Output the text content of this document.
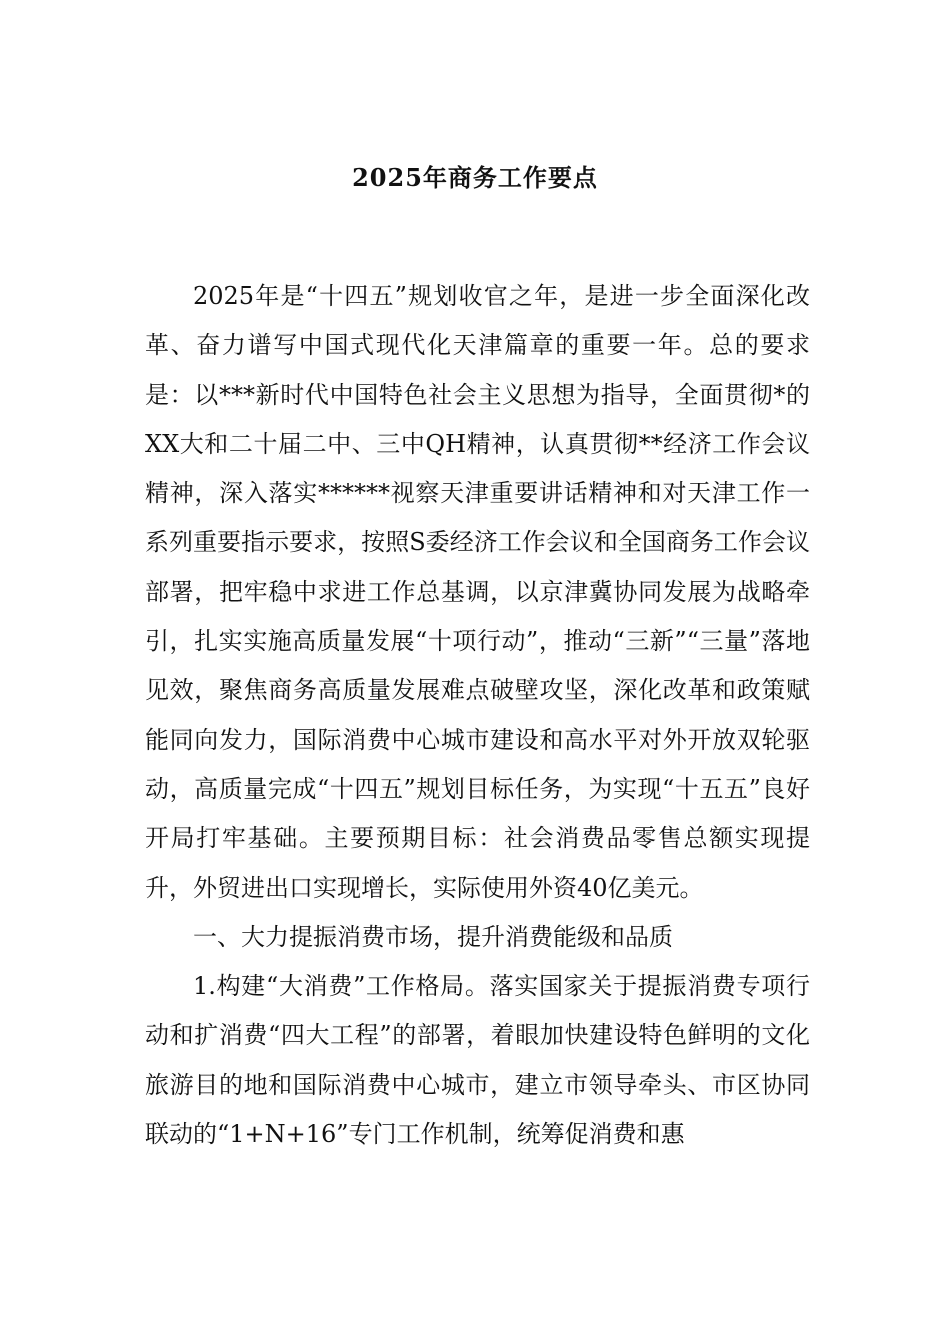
2025年商务工作要点

2025年是“十四五”规划收官之年，是进一步全面深化改革、奋力谱写中国式现代化天津篇章的重要一年。总的要求是：以***新时代中国特色社会主义思想为指导，全面贯彻*的XX大和二十届二中、三中QH精神，认真贯彻**经济工作会议精神，深入落实******视察天津重要讲话精神和对天津工作一系列重要指示要求，按照S委经济工作会议和全国商务工作会议部署，把牢稳中求进工作总基调，以京津冀协同发展为战略牵引，扎实实施高质量发展“十项行动”，推动“三新”“三量”落地见效，聚焦商务高质量发展难点破壁攻坚，深化改革和政策赋能同向发力，国际消费中心城市建设和高水平对外开放双轮驱动，高质量完成“十四五”规划目标任务，为实现“十五五”良好开局打牢基础。主要预期目标：社会消费品零售总额实现提升，外贸进出口实现增长，实际使用外资40亿美元。

一、大力提振消费市场，提升消费能级和品质

1.构建“大消费”工作格局。落实国家关于提振消费专项行动和扩消费“四大工程”的部署，着眼加快建设特色鲜明的文化旅游目的地和国际消费中心城市，建立市领导牵头、市区协同联动的“1+N+16”专门工作机制，统筹促消费和惠
